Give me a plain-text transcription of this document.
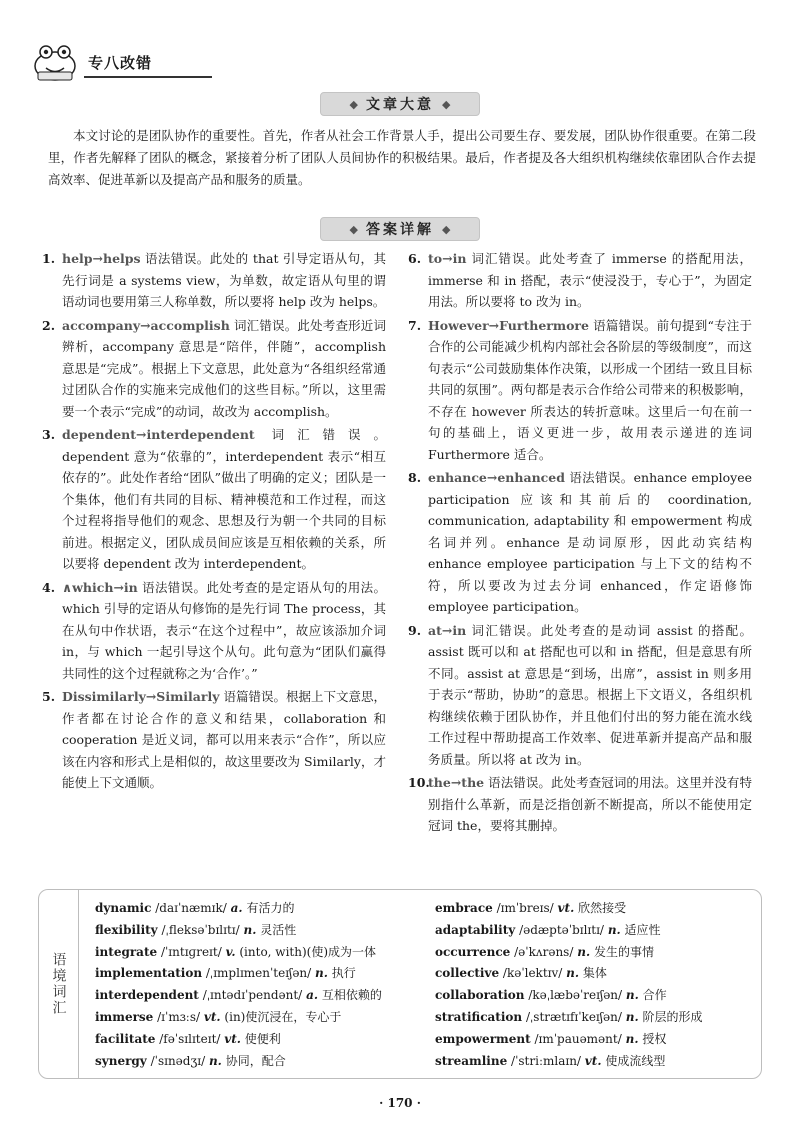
专八改错
◆ 文章大意 ◆

本文讨论的是团队协作的重要性。首先，作者从社会工作背景人手，提出公司要生存、要发展，团队协作很重要。在第二段里，作者先解释了团队的概念，紧接着分析了团队人员间协作的积极结果。最后，作者提及各大组织机构继续依靠团队合作去提高效率、促进革新以及提高产品和服务的质量。

◆ 答案详解 ◆

1. help→helps 语法错误。此处的 that 引导定语从句，其先行词是 a systems view，为单数，故定语从句里的谓语动词也要用第三人称单数，所以要将 help 改为 helps。

2. accompany→accomplish 词汇错误。此处考查形近词辨析，accompany 意思是“陪伴，伴随”，accomplish 意思是“完成”。根据上下文意思，此处意为“各组织经常通过团队合作的实施来完成他们的这些目标。”所以，这里需要一个表示“完成”的动词，故改为 accomplish。

3. dependent→interdependent 词汇错误。dependent 意为“依靠的”，interdependent 表示“相互依存的”。此处作者给“团队”做出了明确的定义；团队是一个集体，他们有共同的目标、精神模范和工作过程，而这个过程将指导他们的观念、思想及行为朝一个共同的目标前进。根据定义，团队成员间应该是互相依赖的关系，所以要将 dependent 改为 interdependent。

4. ∧which→in 语法错误。此处考查的是定语从句的用法。which 引导的定语从句修饰的是先行词 The process，其在从句中作状语，表示“在这个过程中”，故应该添加介词 in，与 which 一起引导这个从句。此句意为“团队们赢得共同性的这个过程就称之为‘合作’。”

5. Dissimilarly→Similarly 语篇错误。根据上下文意思，作者都在讨论合作的意义和结果，collaboration 和 cooperation 是近义词，都可以用来表示“合作”，所以应该在内容和形式上是相似的，故这里要改为 Similarly，才能使上下文通顺。

6. to→in 词汇错误。此处考查了 immerse 的搭配用法，immerse 和 in 搭配，表示“使浸没于，专心于”，为固定用法。所以要将 to 改为 in。

7. However→Furthermore 语篇错误。前句提到“专注于合作的公司能减少机构内部社会各阶层的等级制度”，而这句表示“公司鼓励集体作决策，以形成一个团结一致且目标共同的氛围”。两句都是表示合作给公司带来的积极影响，不存在 however 所表达的转折意味。这里后一句在前一句的基础上，语义更进一步，故用表示递进的连词 Furthermore 适合。

8. enhance→enhanced 语法错误。enhance employee participation 应该和其前后的 coordination, communication, adaptability 和 empowerment 构成名词并列。enhance 是动词原形，因此动宾结构 enhance employee participation 与上下文的结构不符，所以要改为过去分词 enhanced，作定语修饰 employee participation。

9. at→in 词汇错误。此处考查的是动词 assist 的搭配。assist 既可以和 at 搭配也可以和 in 搭配，但是意思有所不同。assist at 意思是“到场，出席”，assist in 则多用于表示“帮助，协助”的意思。根据上下文语义，各组织机构继续依赖于团队协作，并且他们付出的努力能在流水线工作过程中帮助提高工作效率、促进革新并提高产品和服务质量。所以将 at 改为 in。

10.
the→the 语法错误。此处考查冠词的用法。这里并没有特别指什么革新，而是泛指创新不断提高，所以不能使用定冠词 the，要将其删掉。

语境词汇
dynamic /daɪˈnæmɪk/ a. 有活力的
flexibility /ˌfleksəˈbɪlɪtɪ/ n. 灵活性
integrate /ˈɪntɪɡreɪt/ v. (into, with)(使)成为一体
implementation /ˌɪmplɪmenˈteɪʃən/ n. 执行
interdependent /ˌɪntədɪˈpendənt/ a. 互相依赖的
immerse /ɪˈmɜːs/ vt. (in)使沉浸在，专心于
facilitate /fəˈsɪlɪteɪt/ vt. 使便利
synergy /ˈsɪnədʒɪ/ n. 协同，配合
embrace /ɪmˈbreɪs/ vt. 欣然接受
adaptability /ədæptəˈbɪlɪtɪ/ n. 适应性
occurrence /əˈkʌrəns/ n. 发生的事情
collective /kəˈlektɪv/ n. 集体
collaboration /kəˌlæbəˈreɪʃən/ n. 合作
stratification /ˌstrætɪfɪˈkeɪʃən/ n. 阶层的形成
empowerment /ɪmˈpauəmənt/ n. 授权
streamline /ˈstriːmlaɪn/ vt. 使成流线型
· 170 ·
